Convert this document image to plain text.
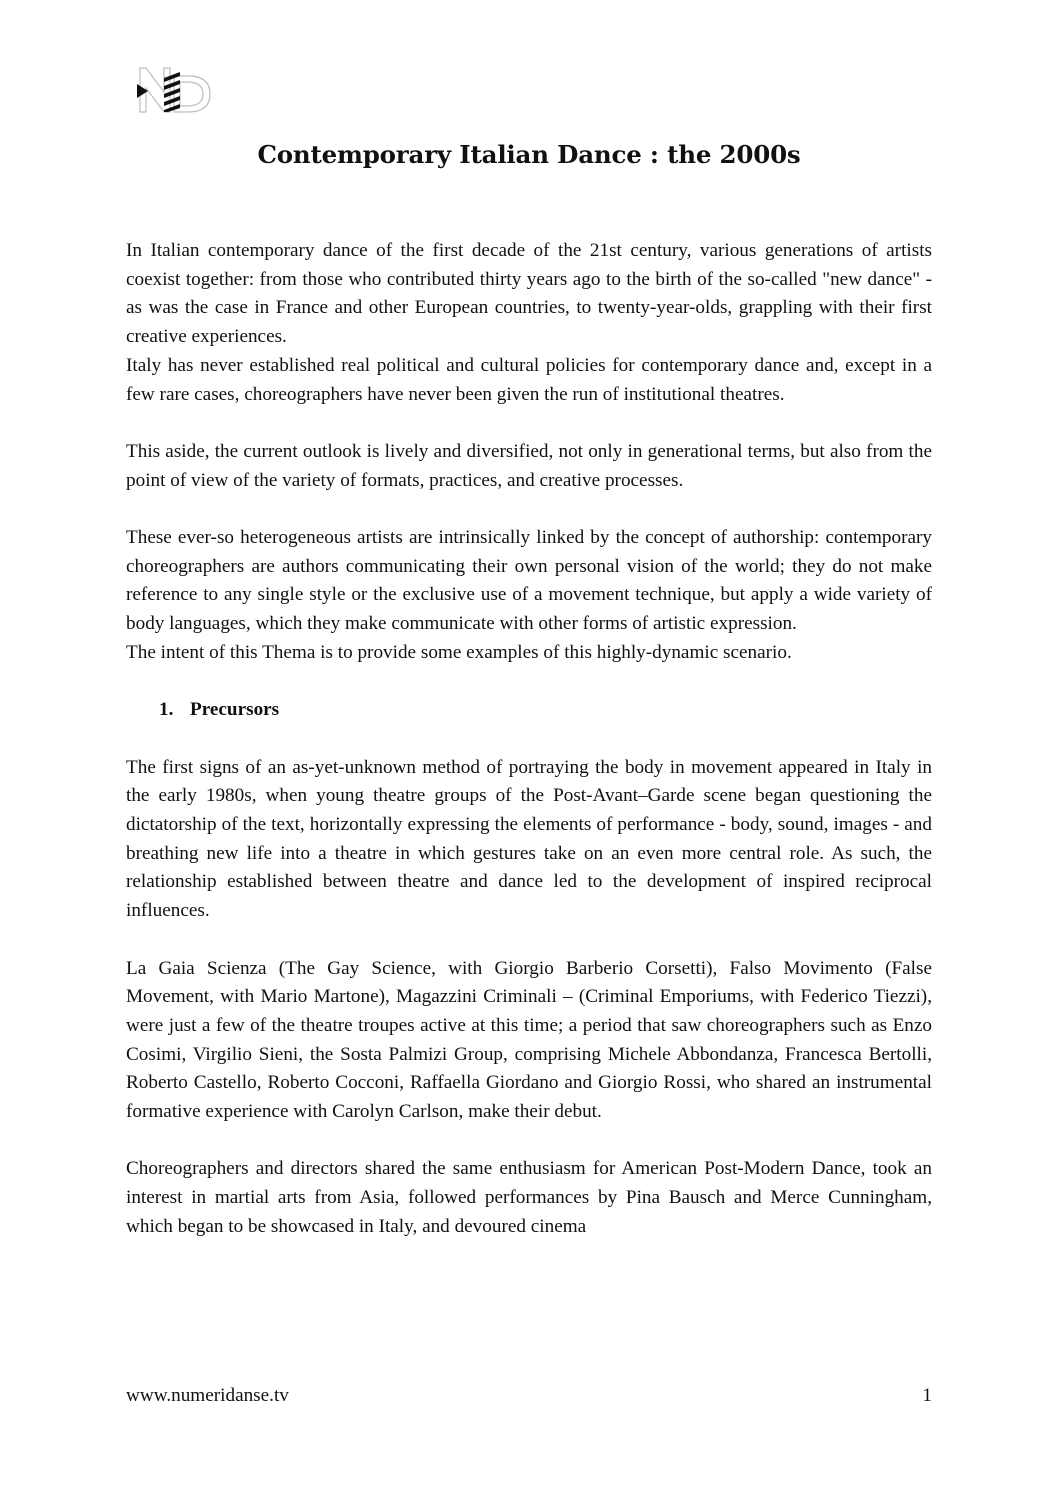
Contemporary Italian Dance : the 2000s

In Italian contemporary dance of the first decade of the 21st century, various generations of artists coexist together: from those who contributed thirty years ago to the birth of the so-called "new dance" - as was the case in France and other European countries, to twenty-year-olds, grappling with their first creative experiences.

Italy has never established real political and cultural policies for contemporary dance and, except in a few rare cases, choreographers have never been given the run of institutional theatres.

This aside, the current outlook is lively and diversified, not only in generational terms, but also from the point of view of the variety of formats, practices, and creative processes.

These ever-so heterogeneous artists are intrinsically linked by the concept of authorship: contemporary choreographers are authors communicating their own personal vision of the world; they do not make reference to any single style or the exclusive use of a movement technique, but apply a wide variety of body languages, which they make communicate with other forms of artistic expression.

The intent of this Thema is to provide some examples of this highly-dynamic scenario.

1. Precursors

The first signs of an as-yet-unknown method of portraying the body in movement appeared in Italy in the early 1980s, when young theatre groups of the Post-Avant–Garde scene began questioning the dictatorship of the text, horizontally expressing the elements of performance - body, sound, images - and breathing new life into a theatre in which gestures take on an even more central role. As such, the relationship established between theatre and dance led to the development of inspired reciprocal influences.

La Gaia Scienza (The Gay Science, with Giorgio Barberio Corsetti), Falso Movimento (False Movement, with Mario Martone), Magazzini Criminali – (Criminal Emporiums, with Federico Tiezzi), were just a few of the theatre troupes active at this time; a period that saw choreographers such as Enzo Cosimi, Virgilio Sieni, the Sosta Palmizi Group, comprising Michele Abbondanza, Francesca Bertolli, Roberto Castello, Roberto Cocconi, Raffaella Giordano and Giorgio Rossi, who shared an instrumental formative experience with Carolyn Carlson, make their debut.

Choreographers and directors shared the same enthusiasm for American Post-Modern Dance, took an interest in martial arts from Asia, followed performances by Pina Bausch and Merce Cunningham, which began to be showcased in Italy, and devoured cinema

www.numeridanse.tv	1
